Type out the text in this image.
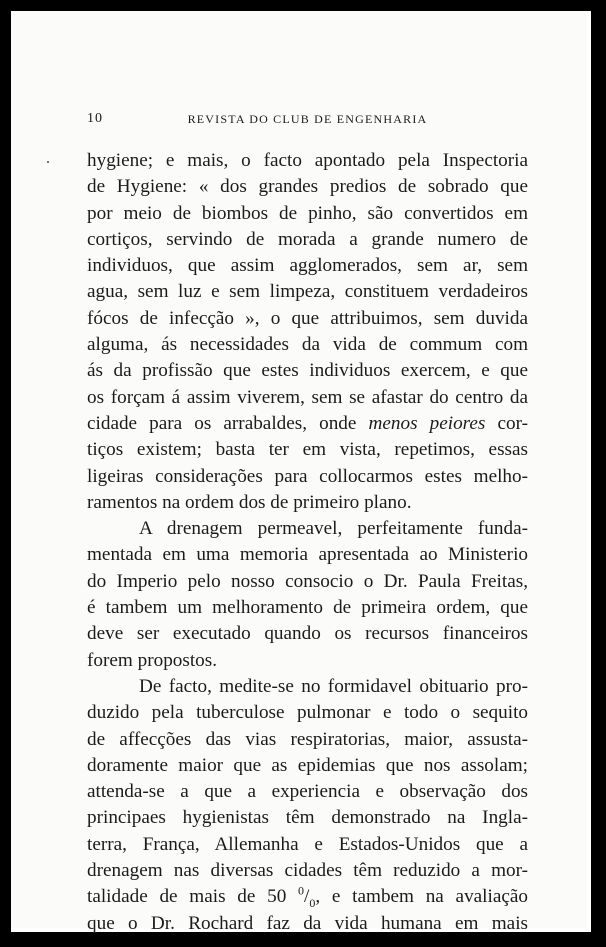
10	REVISTA DO CLUB DE ENGENHARIA
hygiene; e mais, o facto apontado pela Inspectoria
de Hygiene: « dos grandes predios de sobrado que
por meio de biombos de pinho, são convertidos em
cortiços, servindo de morada a grande numero de
individuos, que assim agglomerados, sem ar, sem
agua, sem luz e sem limpeza, constituem verdadeiros
fócos de infecção », o que attribuimos, sem duvida
alguma, ás necessidades da vida de commum com
ás da profissão que estes individuos exercem, e que
os forçam á assim viverem, sem se afastar do centro da
cidade para os arrabaldes, onde menos peiores cor-
tiços existem; basta ter em vista, repetimos, essas
ligeiras considerações para collocarmos estes melho-
ramentos na ordem dos de primeiro plano.
A drenagem permeavel, perfeitamente funda-
mentada em uma memoria apresentada ao Ministerio
do Imperio pelo nosso consocio o Dr. Paula Freitas,
é tambem um melhoramento de primeira ordem, que
deve ser executado quando os recursos financeiros
forem propostos.
De facto, medite-se no formidavel obituario pro-
duzido pela tuberculose pulmonar e todo o sequito
de affecções das vias respiratorias, maior, assusta-
doramente maior que as epidemias que nos assolam;
attenda-se a que a experiencia e observação dos
principaes hygienistas têm demonstrado na Ingla-
terra, França, Allemanha e Estados-Unidos que a
drenagem nas diversas cidades têm reduzido a mor-
talidade de mais de 50 $^0/_0$, e tambem na avaliação
que o Dr. Rochard faz da vida humana em mais
